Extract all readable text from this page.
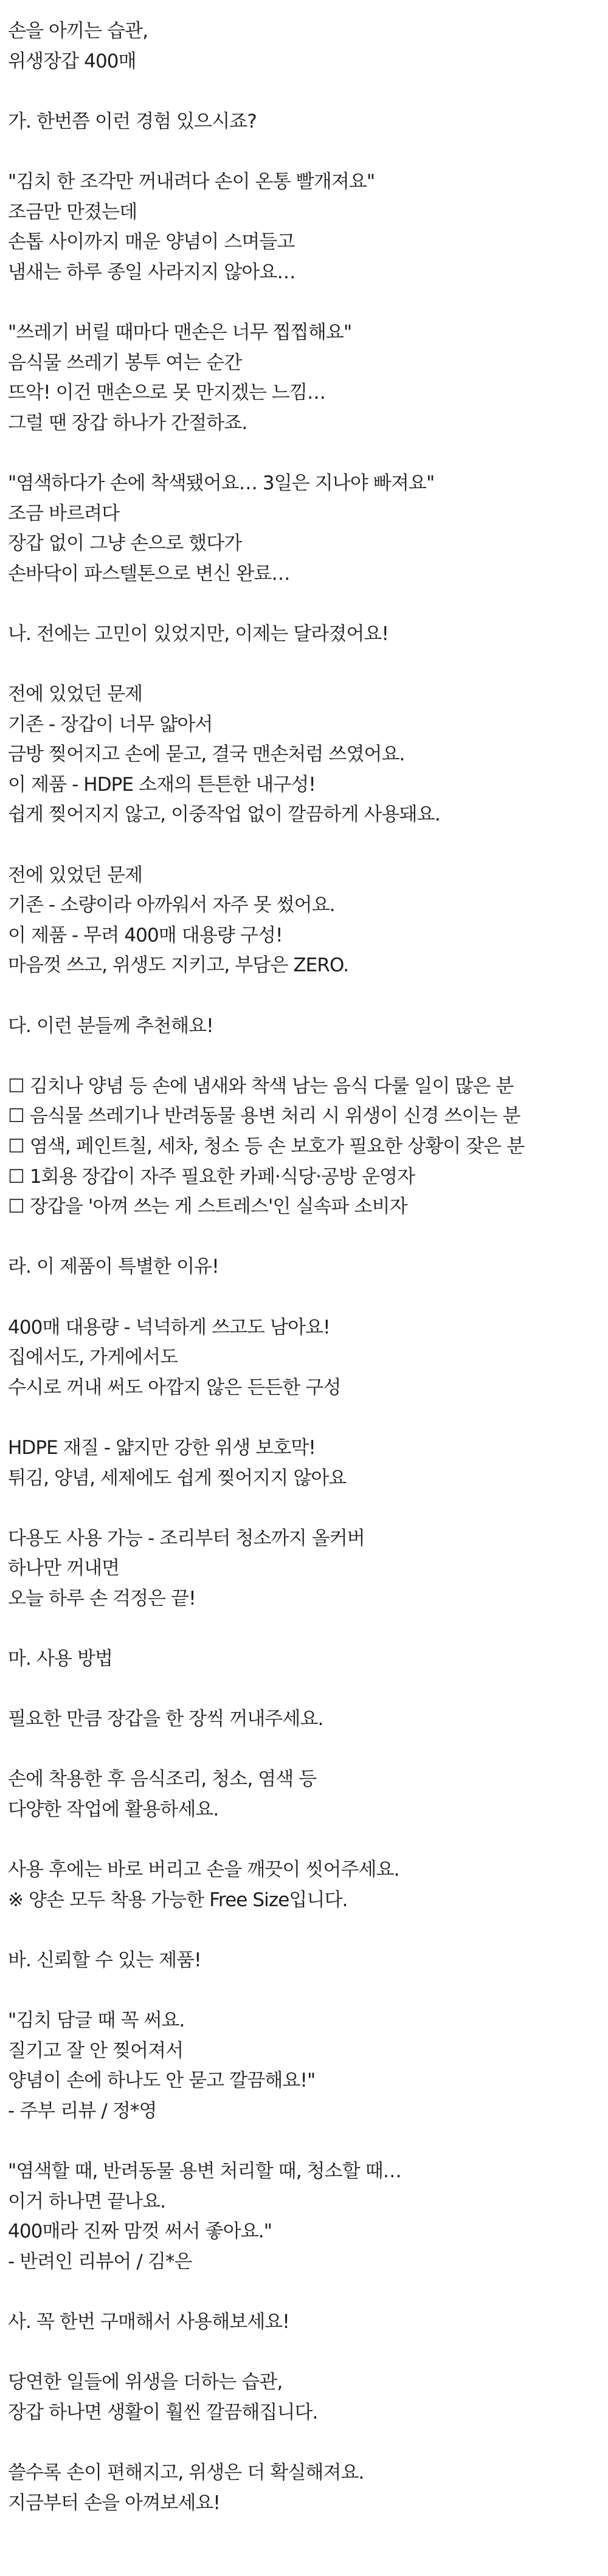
손을 아끼는 습관,
위생장갑 400매
가. 한번쯤 이런 경험 있으시죠?
"김치 한 조각만 꺼내려다 손이 온통 빨개져요"
조금만 만졌는데
손톱 사이까지 매운 양념이 스며들고
냄새는 하루 종일 사라지지 않아요…
"쓰레기 버릴 때마다 맨손은 너무 찝찝해요"
음식물 쓰레기 봉투 여는 순간
뜨악! 이건 맨손으로 못 만지겠는 느낌…
그럴 땐 장갑 하나가 간절하죠.
"염색하다가 손에 착색됐어요… 3일은 지나야 빠져요"
조금 바르려다
장갑 없이 그냥 손으로 했다가
손바닥이 파스텔톤으로 변신 완료…
나. 전에는 고민이 있었지만, 이제는 달라졌어요!
전에 있었던 문제
기존 - 장갑이 너무 얇아서
금방 찢어지고 손에 묻고, 결국 맨손처럼 쓰였어요.
이 제품 - HDPE 소재의 튼튼한 내구성!
쉽게 찢어지지 않고, 이중작업 없이 깔끔하게 사용돼요.
전에 있었던 문제
기존 - 소량이라 아까워서 자주 못 썼어요.
이 제품 - 무려 400매 대용량 구성!
마음껏 쓰고, 위생도 지키고, 부담은 ZERO.
다. 이런 분들께 추천해요!
☐ 김치나 양념 등 손에 냄새와 착색 남는 음식 다룰 일이 많은 분
☐ 음식물 쓰레기나 반려동물 용변 처리 시 위생이 신경 쓰이는 분
☐ 염색, 페인트칠, 세차, 청소 등 손 보호가 필요한 상황이 잦은 분
☐ 1회용 장갑이 자주 필요한 카페·식당·공방 운영자
☐ 장갑을 '아껴 쓰는 게 스트레스'인 실속파 소비자
라. 이 제품이 특별한 이유!
400매 대용량 - 넉넉하게 쓰고도 남아요!
집에서도, 가게에서도
수시로 꺼내 써도 아깝지 않은 든든한 구성
HDPE 재질 - 얇지만 강한 위생 보호막!
튀김, 양념, 세제에도 쉽게 찢어지지 않아요
다용도 사용 가능 - 조리부터 청소까지 올커버
하나만 꺼내면
오늘 하루 손 걱정은 끝!
마. 사용 방법
필요한 만큼 장갑을 한 장씩 꺼내주세요.
손에 착용한 후 음식조리, 청소, 염색 등
다양한 작업에 활용하세요.
사용 후에는 바로 버리고 손을 깨끗이 씻어주세요.
※ 양손 모두 착용 가능한 Free Size입니다.
바. 신뢰할 수 있는 제품!
"김치 담글 때 꼭 써요.
질기고 잘 안 찢어져서
양념이 손에 하나도 안 묻고 깔끔해요!"
- 주부 리뷰 / 정*영
"염색할 때, 반려동물 용변 처리할 때, 청소할 때…
이거 하나면 끝나요.
400매라 진짜 맘껏 써서 좋아요."
- 반려인 리뷰어 / 김*은
사. 꼭 한번 구매해서 사용해보세요!
당연한 일들에 위생을 더하는 습관,
장갑 하나면 생활이 훨씬 깔끔해집니다.
쓸수록 손이 편해지고, 위생은 더 확실해져요.
지금부터 손을 아껴보세요!
